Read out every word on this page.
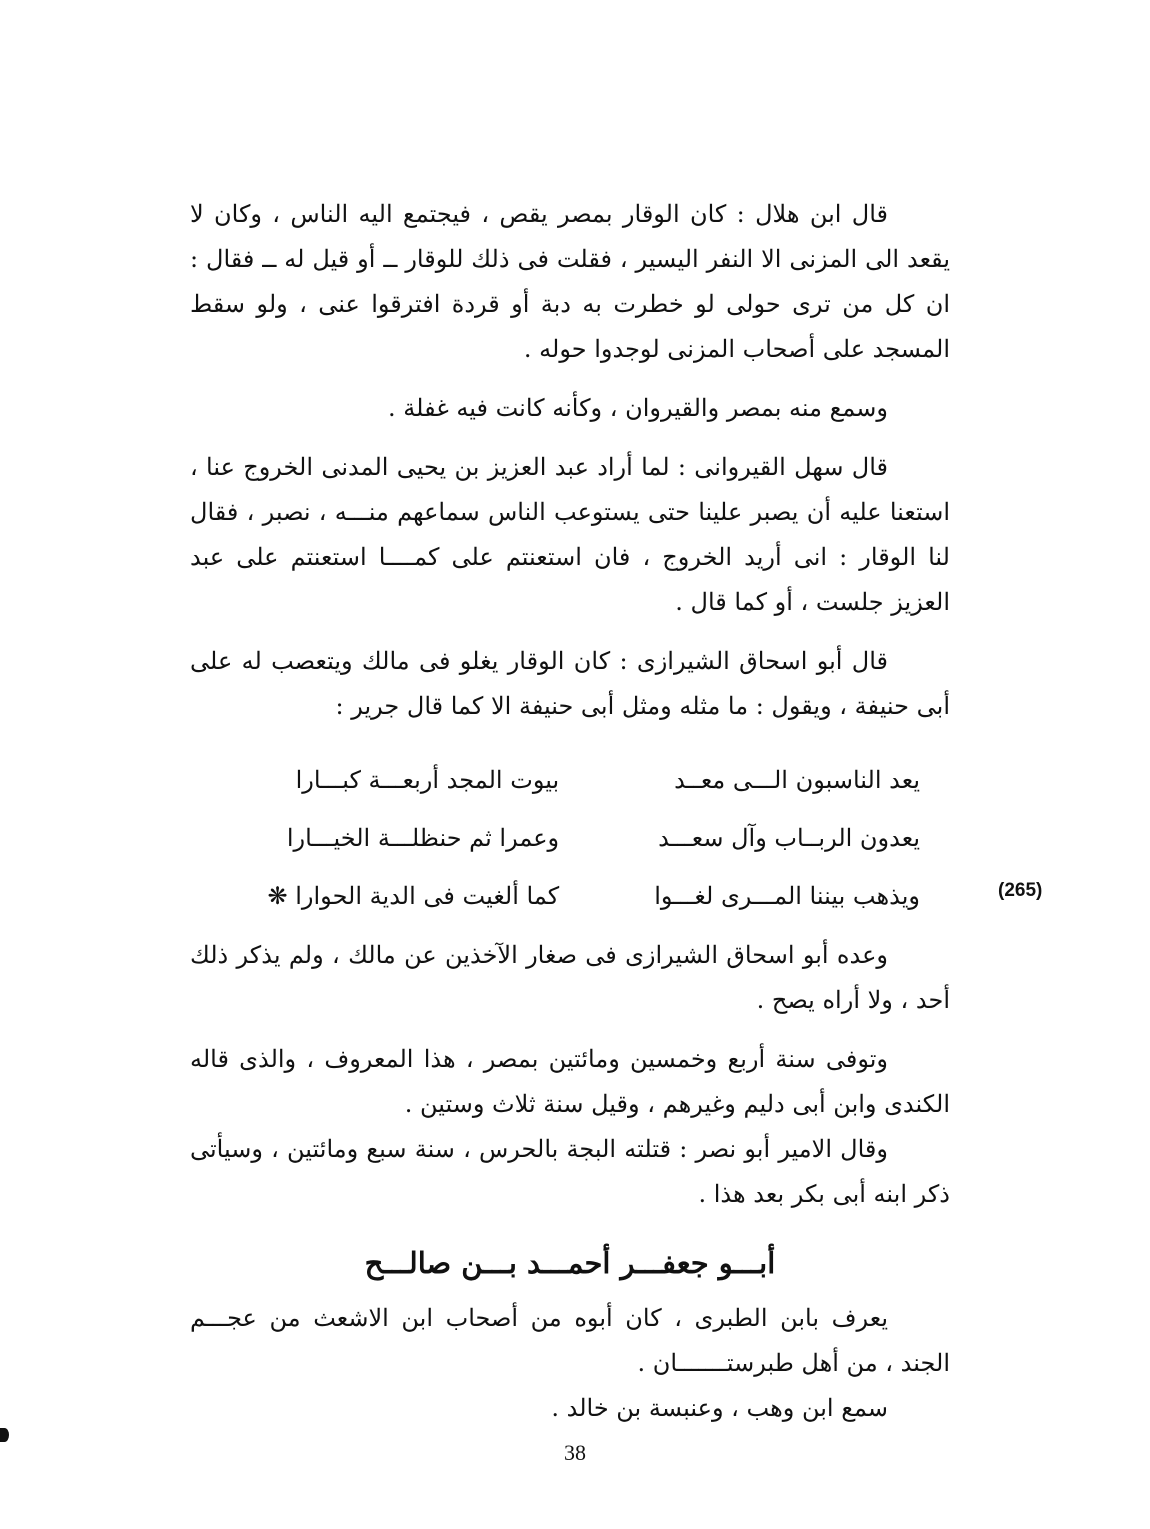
قال ابن هلال : كان الوقار بمصر يقص ، فيجتمع اليه الناس ، وكان لا يقعد الى المزنى الا النفر اليسير ، فقلت فى ذلك للوقار ــ أو قيل له ــ فقال : ان كل من ترى حولى لو خطرت به دبة أو قردة افترقوا عنى ، ولو سقط المسجد على أصحاب المزنى لوجدوا حوله .

وسمع منه بمصر والقيروان ، وكأنه كانت فيه غفلة .

قال سهل القيروانى : لما أراد عبد العزيز بن يحيى المدنى الخروج عنا ، استعنا عليه أن يصبر علينا حتى يستوعب الناس سماعهم منـــه ، نصبر ، فقال لنا الوقار : انى أريد الخروج ، فان استعنتم على كمــــا استعنتم على عبد العزيز جلست ، أو كما قال .

قال أبو اسحاق الشيرازى : كان الوقار يغلو فى مالك ويتعصب له على أبى حنيفة ، ويقول : ما مثله ومثل أبى حنيفة الا كما قال جرير :

يعد الناسبون الـــى معــد
بيوت المجد أربعـــة كبـــارا
يعدون الربــاب وآل سعـــد
وعمرا ثم حنظلـــة الخيـــارا
ويذهب بيننا المـــرى لغـــوا
كما ألغيت فى الدية الحوارا ❋

وعده أبو اسحاق الشيرازى فى صغار الآخذين عن مالك ، ولم يذكر ذلك أحد ، ولا أراه يصح .

وتوفى سنة أربع وخمسين ومائتين بمصر ، هذا المعروف ، والذى قاله الكندى وابن أبى دليم وغيرهم ، وقيل سنة ثلاث وستين .

وقال الامير أبو نصر : قتلته البجة بالحرس ، سنة سبع ومائتين ، وسيأتى ذكر ابنه أبى بكر بعد هذا .

أبـــو جعفـــر أحمـــد بـــن صالـــح

يعرف بابن الطبرى ، كان أبوه من أصحاب ابن الاشعث من عجـــم الجند ، من أهل طبرستـــــــان .

سمع ابن وهب ، وعنبسة بن خالد .

(265)
38
